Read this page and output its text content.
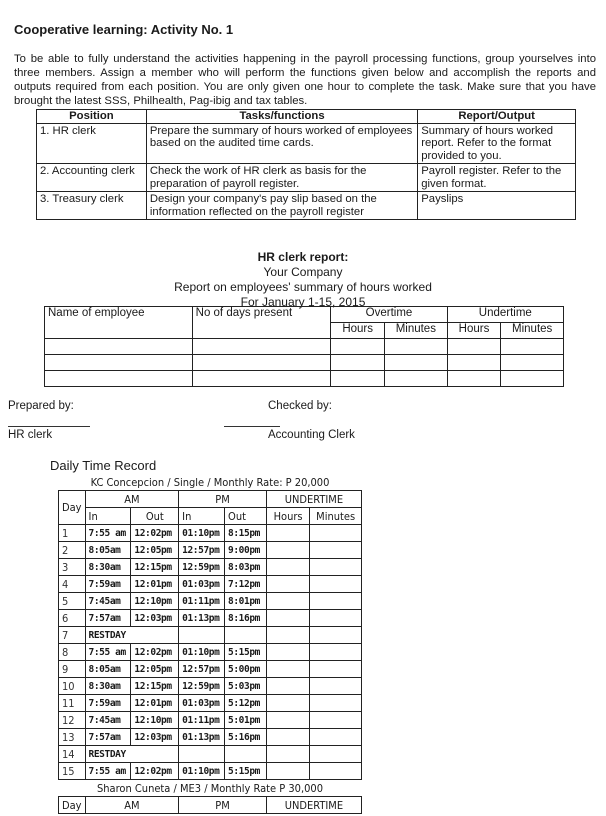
Cooperative learning: Activity No. 1
To be able to fully understand the activities happening in the payroll processing functions, group yourselves into three members. Assign a member who will perform the functions given below and accomplish the reports and outputs required from each position. You are only given one hour to complete the task. Make sure that you have brought the latest SSS, Philhealth, Pag-ibig and tax tables.
Position	Tasks/functions	Report/Output
1. HR clerk	Prepare the summary of hours worked of employees based on the audited time cards.	Summary of hours worked report. Refer to the format provided to you.
2. Accounting clerk	Check the work of HR clerk as basis for the preparation of payroll register.	Payroll register. Refer to the given format.
3. Treasury clerk	Design your company's pay slip based on the information reflected on the payroll register	Payslips
HR clerk report:
Your Company
Report on employees' summary of hours worked
For January 1-15, 2015
Name of employee	No of days present	Overtime		Undertime	
		Hours	Minutes	Hours	Minutes

Prepared by:	Checked by:
HR clerk	Accounting Clerk
Daily Time Record
KC Concepcion / Single / Monthly Rate: P 20,000						
Day	AM		PM		UNDERTIME	
	In	Out	In	Out	Hours	Minutes
1	7:55 am	12:02pm	01:10pm	8:15pm		
2	8:05am	12:05pm	12:57pm	9:00pm		
3	8:30am	12:15pm	12:59pm	8:03pm		
4	7:59am	12:01pm	01:03pm	7:12pm		
5	7:45am	12:10pm	01:11pm	8:01pm		
6	7:57am	12:03pm	01:13pm	8:16pm		
7	RESTDAY					
8	7:55 am	12:02pm	01:10pm	5:15pm		
9	8:05am	12:05pm	12:57pm	5:00pm		
10	8:30am	12:15pm	12:59pm	5:03pm		
11	7:59am	12:01pm	01:03pm	5:12pm		
12	7:45am	12:10pm	01:11pm	5:01pm		
13	7:57am	12:03pm	01:13pm	5:16pm		
14	RESTDAY					
15	7:55 am	12:02pm	01:10pm	5:15pm		
Sharon Cuneta / ME3 / Monthly Rate P 30,000						
Day	AM		PM		UNDERTIME	
